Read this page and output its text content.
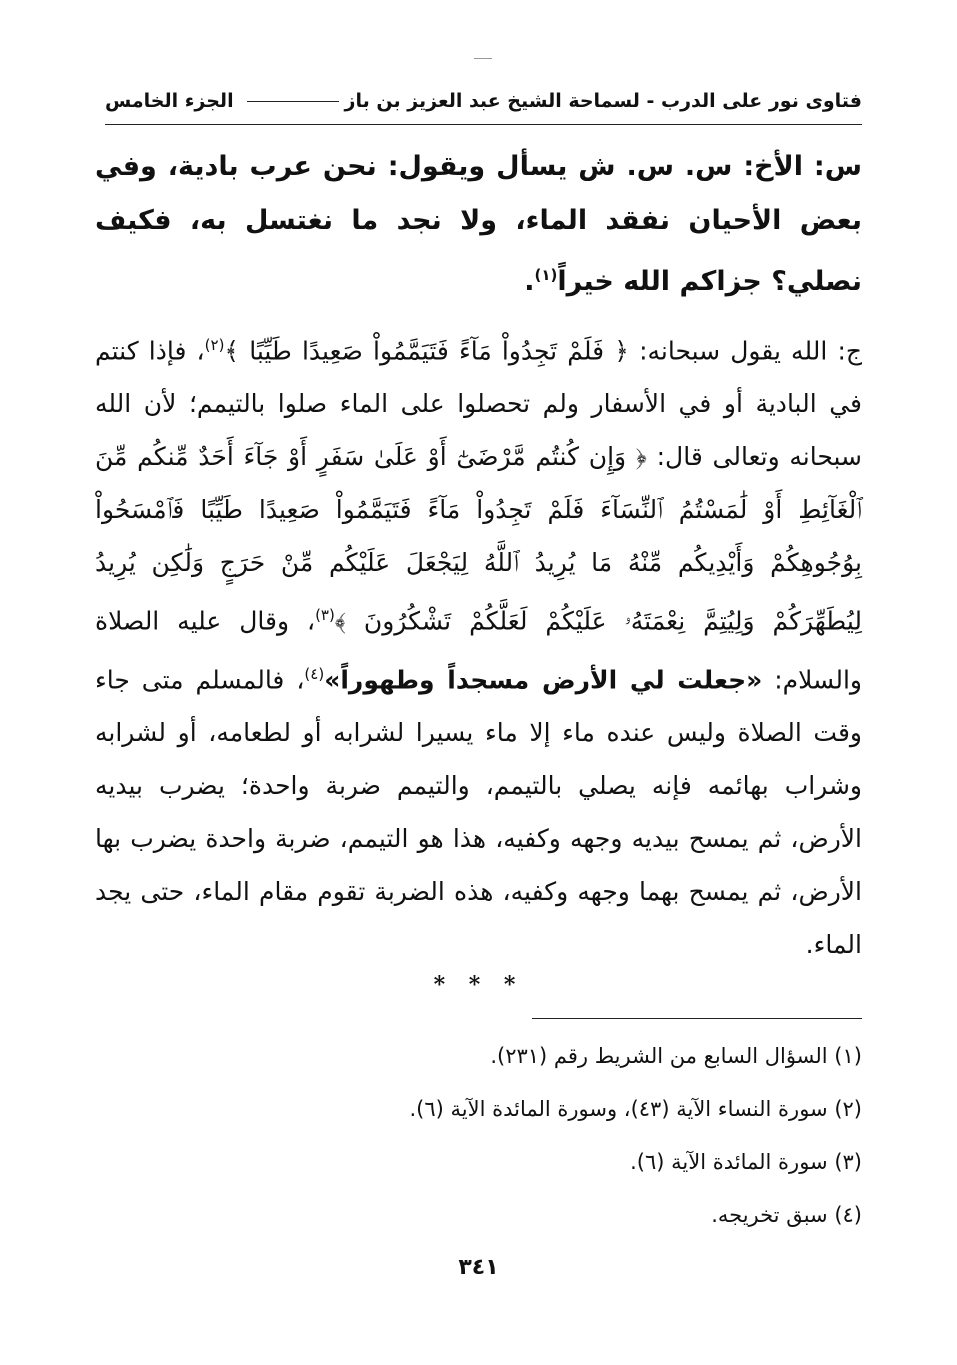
فتاوى نور على الدرب - لسماحة الشيخ عبد العزيز بن باز
الجزء الخامس
س: الأخ: س. س. ش يسأل ويقول: نحن عرب بادية، وفي بعض الأحيان نفقد الماء، ولا نجد ما نغتسل به، فكيف نصلي؟ جزاكم الله خيراً$^{(١)}$.
ج: الله يقول سبحانه: ﴿ فَلَمْ تَجِدُواْ مَآءً فَتَيَمَّمُواْ صَعِيدًا طَيِّبًا ﴾$^{(٢)}$، فإذا كنتم في البادية أو في الأسفار ولم تحصلوا على الماء صلوا بالتيمم؛ لأن الله سبحانه وتعالى قال: ﴿ وَإِن كُنتُم مَّرْضَىٰٓ أَوْ عَلَىٰ سَفَرٍ أَوْ جَآءَ أَحَدٌ مِّنكُم مِّنَ ٱلْغَآئِطِ أَوْ لَٰمَسْتُمُ ٱلنِّسَآءَ فَلَمْ تَجِدُواْ مَآءً فَتَيَمَّمُواْ صَعِيدًا طَيِّبًا فَٱمْسَحُواْ بِوُجُوهِكُمْ وَأَيْدِيكُم مِّنْهُ مَا يُرِيدُ ٱللَّهُ لِيَجْعَلَ عَلَيْكُم مِّنْ حَرَجٍ وَلَٰكِن يُرِيدُ لِيُطَهِّرَكُمْ وَلِيُتِمَّ نِعْمَتَهُۥ عَلَيْكُمْ لَعَلَّكُمْ تَشْكُرُونَ ﴾$^{(٣)}$، وقال عليه الصلاة والسلام: «جعلت لي الأرض مسجداً وطهوراً»$^{(٤)}$، فالمسلم متى جاء وقت الصلاة وليس عنده ماء إلا ماء يسيرا لشرابه أو لطعامه، أو لشرابه وشراب بهائمه فإنه يصلي بالتيمم، والتيمم ضربة واحدة؛ يضرب بيديه الأرض، ثم يمسح بيديه وجهه وكفيه، هذا هو التيمم، ضربة واحدة يضرب بها الأرض، ثم يمسح بهما وجهه وكفيه، هذه الضربة تقوم مقام الماء، حتى يجد الماء.
* * *
(١) السؤال السابع من الشريط رقم (٢٣١).
(٢) سورة النساء الآية (٤٣)، وسورة المائدة الآية (٦).
(٣) سورة المائدة الآية (٦).
(٤) سبق تخريجه.
٣٤١
